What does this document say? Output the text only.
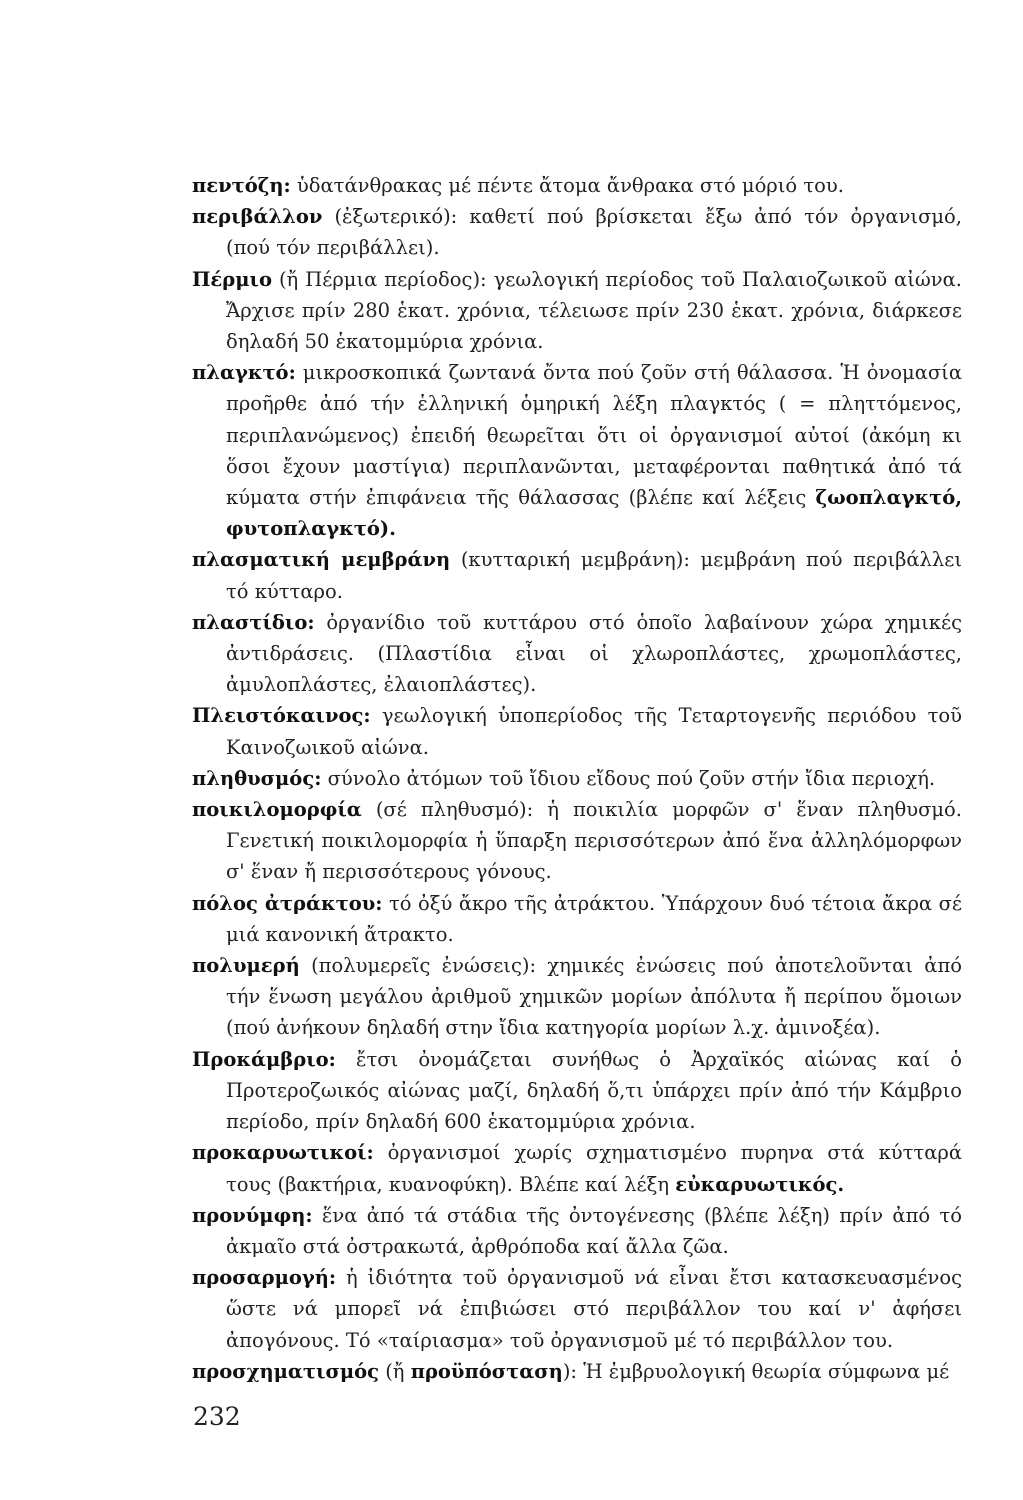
πεντόζη: ὑδατάνθρακας μέ πέντε ἄτομα ἄνθρακα στό μόριό του.

περιβάλλον (ἐξωτερικό): καθετί πού βρίσκεται ἔξω ἀπό τόν ὀργανισμό, (πού τόν περιβάλλει).

Πέρμιο (ἤ Πέρμια περίοδος): γεωλογική περίοδος τοῦ Παλαιοζωικοῦ αἰώνα. Ἄρχισε πρίν 280 ἑκατ. χρόνια, τέλειωσε πρίν 230 ἑκατ. χρόνια, διάρκεσε δηλαδή 50 ἑκατομμύρια χρόνια.

πλαγκτό: μικροσκοπικά ζωντανά ὄντα πού ζοῦν στή θάλασσα. Ἡ ὀνομασία προῆρθε ἀπό τήν ἑλληνική ὁμηρική λέξη πλαγκτός ( = πληττόμενος, περιπλανώμενος) ἐπειδή θεωρεῖται ὅτι οἱ ὀργανισμοί αὐτοί (ἀκόμη κι ὅσοι ἔχουν μαστίγια) περιπλανῶνται, μεταφέρονται παθητικά ἀπό τά κύματα στήν ἐπιφάνεια τῆς θάλασσας (βλέπε καί λέξεις ζωοπλαγκτό, φυτοπλαγκτό).

πλασματική μεμβράνη (κυτταρική μεμβράνη): μεμβράνη πού περιβάλλει τό κύτταρο.

πλαστίδιο: ὀργανίδιο τοῦ κυττάρου στό ὁποῖο λαβαίνουν χώρα χημικές ἀντιδράσεις. (Πλαστίδια εἶναι οἱ χλωροπλάστες, χρωμοπλάστες, ἀμυλοπλάστες, ἐλαιοπλάστες).

Πλειστόκαινος: γεωλογική ὑποπερίοδος τῆς Τεταρτογενῆς περιόδου τοῦ Καινοζωικοῦ αἰώνα.

πληθυσμός: σύνολο ἀτόμων τοῦ ἴδιου εἴδους πού ζοῦν στήν ἴδια περιοχή.

ποικιλομορφία (σέ πληθυσμό): ἡ ποικιλία μορφῶν σ' ἕναν πληθυσμό. Γενετική ποικιλομορφία ἡ ὕπαρξη περισσότερων ἀπό ἕνα ἀλληλόμορφων σ' ἕναν ἤ περισσότερους γόνους.

πόλος ἀτράκτου: τό ὀξύ ἄκρο τῆς ἀτράκτου. Ὑπάρχουν δυό τέτοια ἄκρα σέ μιά κανονική ἄτρακτο.

πολυμερή (πολυμερεῖς ἐνώσεις): χημικές ἐνώσεις πού ἀποτελοῦνται ἀπό τήν ἕνωση μεγάλου ἀριθμοῦ χημικῶν μορίων ἀπόλυτα ἤ περίπου ὅμοιων (πού ἀνήκουν δηλαδή στην ἴδια κατηγορία μορίων λ.χ. ἀμινοξέα).

Προκάμβριο: ἔτσι ὀνομάζεται συνήθως ὁ Ἀρχαϊκός αἰώνας καί ὁ Προτεροζωικός αἰώνας μαζί, δηλαδή ὅ,τι ὑπάρχει πρίν ἀπό τήν Κάμβριο περίοδο, πρίν δηλαδή 600 ἑκατομμύρια χρόνια.

προκαρυωτικοί: ὀργανισμοί χωρίς σχηματισμένο πυρηνα στά κύτταρά τους (βακτήρια, κυανοφύκη). Βλέπε καί λέξη εὐκαρυωτικός.

προνύμφη: ἕνα ἀπό τά στάδια τῆς ὀντογένεσης (βλέπε λέξη) πρίν ἀπό τό ἀκμαῖο στά ὀστρακωτά, ἀρθρόποδα καί ἄλλα ζῶα.

προσαρμογή: ἡ ἰδιότητα τοῦ ὀργανισμοῦ νά εἶναι ἔτσι κατασκευασμένος ὥστε νά μπορεῖ νά ἐπιβιώσει στό περιβάλλον του καί ν' ἀφήσει ἀπογόνους. Τό «ταίριασμα» τοῦ ὀργανισμοῦ μέ τό περιβάλλον του.

προσχηματισμός (ἤ προϋπόσταση): Ἡ ἐμβρυολογική θεωρία σύμφωνα μέ

232
